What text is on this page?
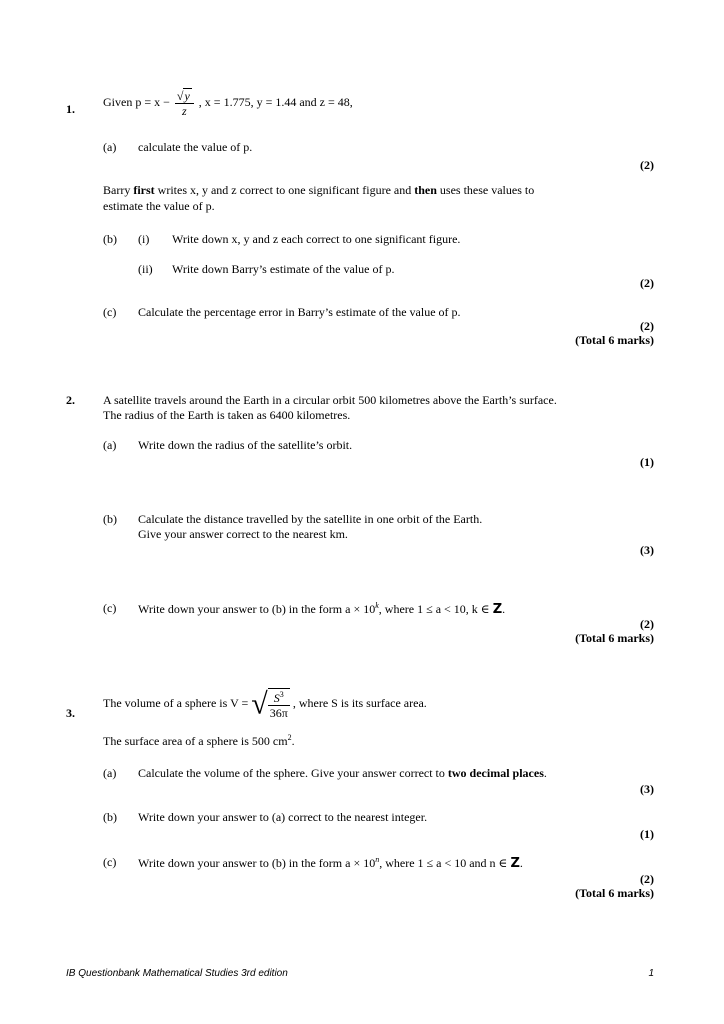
1. Given $p = x - \frac{√y}{z}$ , x = 1.775, y = 1.44 and z = 48,
(a) calculate the value of p.
(2)
Barry first writes x, y and z correct to one significant figure and then uses these values to
estimate the value of p.
(b) (i) Write down x, y and z each correct to one significant figure.
(ii) Write down Barry’s estimate of the value of p.
(2)
(c) Calculate the percentage error in Barry’s estimate of the value of p.
(2)
(Total 6 marks)
2. A satellite travels around the Earth in a circular orbit 500 kilometres above the Earth’s surface.
The radius of the Earth is taken as 6400 kilometres.
(a) Write down the radius of the satellite’s orbit.
(1)
(b) Calculate the distance travelled by the satellite in one orbit of the Earth.
Give your answer correct to the nearest km.
(3)
(c) Write down your answer to (b) in the form $a \times 10^k$, where 1 ≤ a < 10, k ∈ Z.
(2)
(Total 6 marks)
3.
The volume of a sphere is V = √ $\frac{S^3}{36\pi}$ , where S is its surface area.
The surface area of a sphere is 500 $cm^2$.
(a) Calculate the volume of the sphere. Give your answer correct to two decimal places.
(3)
(b) Write down your answer to (a) correct to the nearest integer.
(1)
(c) Write down your answer to (b) in the form $a \times 10^n$, where 1 ≤ a < 10 and n ∈ Z.
(2)
(Total 6 marks)
IB Questionbank Mathematical Studies 3rd edition	1
